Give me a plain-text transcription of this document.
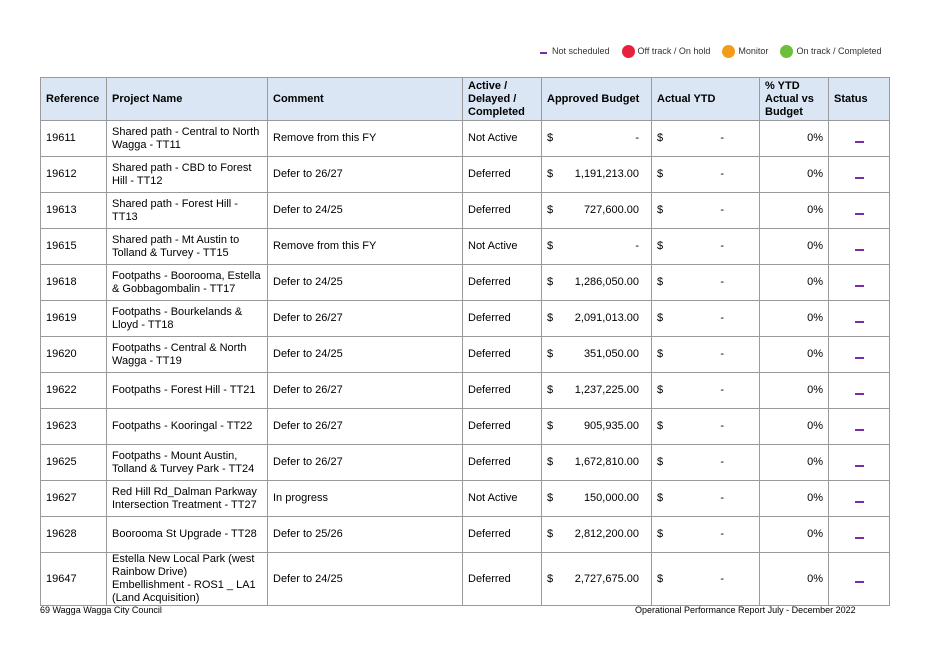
Not scheduled	Off track / On hold	Monitor	On track / Completed
Reference	Project Name	Comment	Active / Delayed / Completed	Approved Budget	Actual YTD	% YTD Actual vs Budget	Status
19611	Shared path - Central to North Wagga - TT11	Remove from this FY	Not Active	$ -	$ -	0%	

19612	Shared path - CBD to Forest Hill - TT12	Defer to 26/27	Deferred	$ 1,191,213.00	$ -	0%	

19613	Shared path - Forest Hill - TT13	Defer to 24/25	Deferred	$ 727,600.00	$ -	0%	

19615	Shared path - Mt Austin to Tolland & Turvey - TT15	Remove from this FY	Not Active	$ -	$ -	0%	

19618	Footpaths - Boorooma, Estella & Gobbagombalin - TT17	Defer to 24/25	Deferred	$ 1,286,050.00	$ -	0%	

19619	Footpaths - Bourkelands & Lloyd - TT18	Defer to 26/27	Deferred	$ 2,091,013.00	$ -	0%	

19620	Footpaths - Central & North Wagga - TT19	Defer to 24/25	Deferred	$ 351,050.00	$ -	0%	

19622	Footpaths - Forest Hill - TT21	Defer to 26/27	Deferred	$ 1,237,225.00	$ -	0%	

19623	Footpaths - Kooringal - TT22	Defer to 26/27	Deferred	$ 905,935.00	$ -	0%	

19625	Footpaths - Mount Austin, Tolland & Turvey Park - TT24	Defer to 26/27	Deferred	$ 1,672,810.00	$ -	0%	

19627	Red Hill Rd_Dalman Parkway Intersection Treatment - TT27	In progress	Not Active	$ 150,000.00	$ -	0%	

19628	Boorooma St Upgrade - TT28	Defer to 25/26	Deferred	$ 2,812,200.00	$ -	0%	

19647	Estella New Local Park (west Rainbow Drive) Embellishment - ROS1 _ LA1 (Land Acquisition)	Defer to 24/25	Deferred	$ 2,727,675.00	$ -	0%	
69 Wagga Wagga City Council	Operational Performance Report July - December 2022
